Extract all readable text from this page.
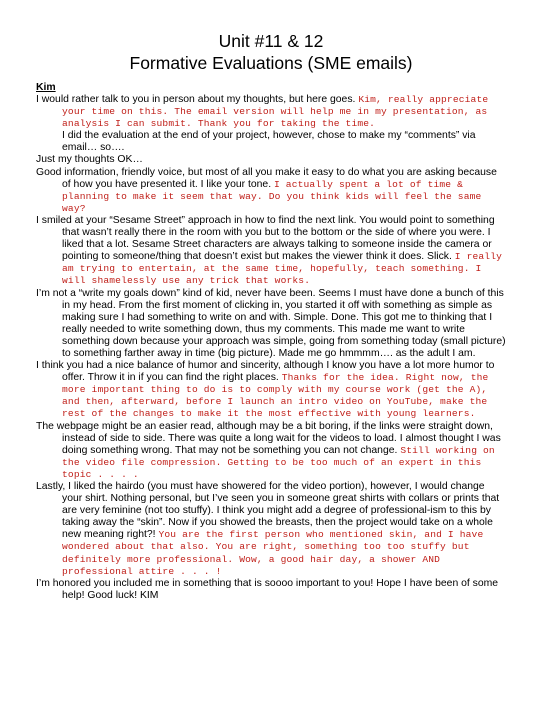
Unit #11 & 12
Formative Evaluations (SME emails)
Kim

I would rather talk to you in person about my thoughts, but here goes. Kim, really appreciate your time on this. The email version will help me in my presentation, as analysis I can submit. Thank you for taking the time.
I did the evaluation at the end of your project, however, chose to make my “comments” via email… so….

Just my thoughts OK…

Good information, friendly voice, but most of all you make it easy to do what you are asking because of how you have presented it. I like your tone. I actually spent a lot of time & planning to make it seem that way. Do you think kids will feel the same way?

I smiled at your “Sesame Street” approach in how to find the next link. You would point to something that wasn’t really there in the room with you but to the bottom or the side of where you were. I liked that a lot. Sesame Street characters are always talking to someone inside the camera or pointing to someone/thing that doesn’t exist but makes the viewer think it does. Slick. I really am trying to entertain, at the same time, hopefully, teach something. I will shamelessly use any trick that works.

I’m not a “write my goals down” kind of kid, never have been. Seems I must have done a bunch of this in my head. From the first moment of clicking in, you started it off with something as simple as making sure I had something to write on and with. Simple. Done. This got me to thinking that I really needed to write something down, thus my comments. This made me want to write something down because your approach was simple, going from something today (small picture) to something farther away in time (big picture). Made me go hmmmm…. as the adult I am.

I think you had a nice balance of humor and sincerity, although I know you have a lot more humor to offer. Throw it in if you can find the right places. Thanks for the idea. Right now, the more important thing to do is to comply with my course work (get the A), and then, afterward, before I launch an intro video on YouTube, make the rest of the changes to make it the most effective with young learners.

The webpage might be an easier read, although may be a bit boring, if the links were straight down, instead of side to side. There was quite a long wait for the videos to load. I almost thought I was doing something wrong. That may not be something you can not change. Still working on the video file compression. Getting to be too much of an expert in this topic . . . .

Lastly, I liked the hairdo (you must have showered for the video portion), however, I would change your shirt. Nothing personal, but I’ve seen you in someone great shirts with collars or prints that are very feminine (not too stuffy). I think you might add a degree of professional-ism to this by taking away the “skin”. Now if you showed the breasts, then the project would take on a whole new meaning right?! You are the first person who mentioned skin, and I have wondered about that also. You are right, something too too stuffy but definitely more professional. Wow, a good hair day, a shower AND professional attire . . . !

I’m honored you included me in something that is soooo important to you! Hope I have been of some help! Good luck! KIM
